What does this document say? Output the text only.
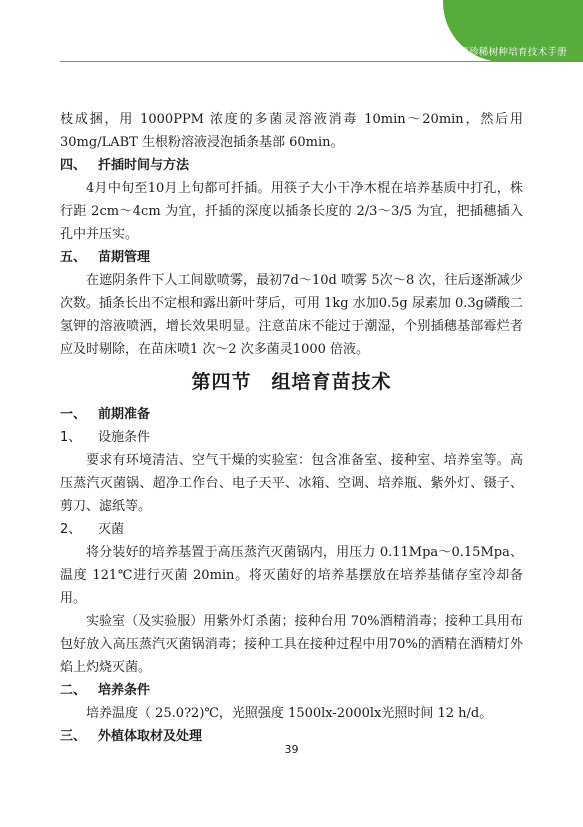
主要珍稀树种培育技术手册

枝成捆，用 1000PPM 浓度的多菌灵溶液消毒 10min～20min，然后用 30mg/LABT 生根粉溶液浸泡插条基部 60min。

四、 扦插时间与方法

4月中旬至10月上旬都可扦插。用筷子大小干净木棍在培养基质中打孔，株行距 2cm～4cm 为宜，扦插的深度以插条长度的 2/3～3/5 为宜，把插穗插入孔中并压实。

五、 苗期管理

在遮阴条件下人工间歇喷雾，最初7d～10d 喷雾 5次～8 次，往后逐渐减少次数。插条长出不定根和露出新叶芽后，可用 1kg 水加0.5g 尿素加 0.3g磷酸二氢钾的溶液喷洒，增长效果明显。注意苗床不能过于潮湿，个别插穗基部霉烂者应及时剔除，在苗床喷1 次～2 次多菌灵1000 倍液。

第四节　组培育苗技术

一、 前期准备

1、 设施条件

要求有环境清洁、空气干燥的实验室：包含准备室、接种室、培养室等。高压蒸汽灭菌锅、超净工作台、电子天平、冰箱、空调、培养瓶、紫外灯、镊子、剪刀、滤纸等。

2、 灭菌

将分装好的培养基置于高压蒸汽灭菌锅内，用压力 0.11Mpa～0.15Mpa、温度 121℃进行灭菌 20min。将灭菌好的培养基摆放在培养基储存室冷却备用。

实验室（及实验服）用紫外灯杀菌；接种台用 70%酒精消毒；接种工具用布包好放入高压蒸汽灭菌锅消毒；接种工具在接种过程中用70%的酒精在酒精灯外焰上灼烧灭菌。

二、 培养条件

培养温度（ 25.0?2)℃，光照强度 1500lx-2000lx光照时间 12 h/d。

三、 外植体取材及处理

39
